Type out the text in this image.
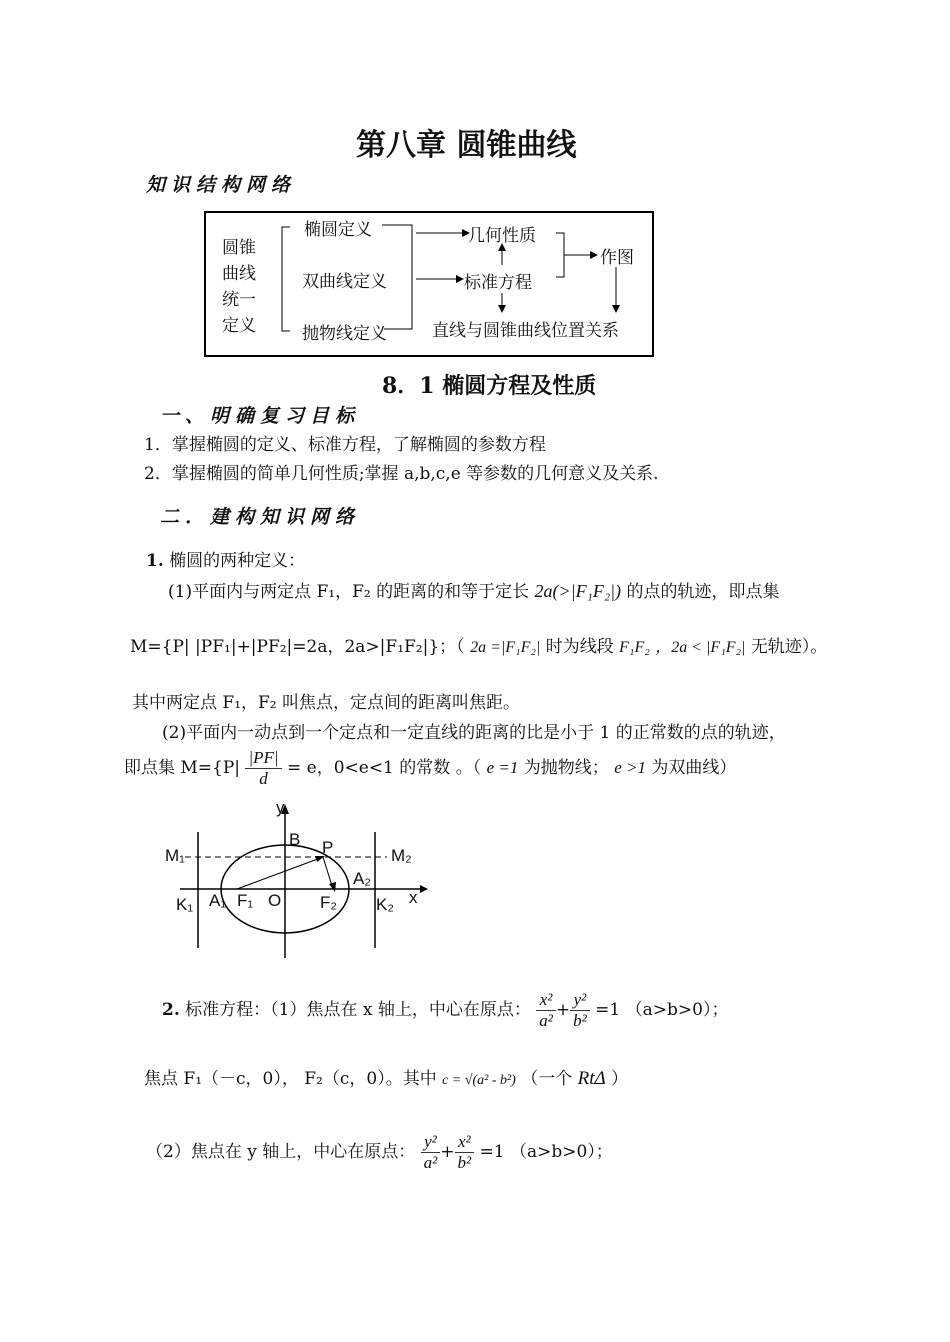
第八章 圆锥曲线
知识结构网络
圆锥
曲线
统一
定义
椭圆定义
双曲线定义
抛物线定义
几何性质
标准方程
作图
直线与圆锥曲线位置关系
8．1 椭圆方程及性质
一、明确复习目标
1．掌握椭圆的定义、标准方程，了解椭圆的参数方程
2．掌握椭圆的简单几何性质;掌握 a,b,c,e 等参数的几何意义及关系.
二．建构知识网络
1. 椭圆的两种定义：
(1)平面内与两定点 F₁，F₂ 的距离的和等于定长 2a(>|F₁F₂|) 的点的轨迹，即点集
M={P| |PF₁|+|PF₂|=2a，2a>|F₁F₂|}；（ 2a =|F₁F₂| 时为线段 F₁F₂ ，2a < |F₁F₂| 无轨迹）。
其中两定点 F₁，F₂ 叫焦点，定点间的距离叫焦距。
(2)平面内一动点到一个定点和一定直线的距离的比是小于 1 的正常数的点的轨迹，
即点集 $M=\{P| \frac{|PF|}{d} = e$，0<e<1 的常数 。（ e =1 为抛物线； e >1 为双曲线）
y
B P
M₁	M₂
A₂
x
K₁ A₁ F₁ O F₂ K₂
2. 标准方程：（1）焦点在 x 轴上，中心在原点： $\frac{\text{x²}}{\text{a²}} + \frac{\text{y²}}{\text{b²}} =1$ （a>b>0）；
焦点 F₁（－c，0）， F₂（c，0）。其中 c = √(a² - b²) （一个 RtΔ ）
（2）焦点在 y 轴上，中心在原点： $\frac{\text{y²}}{\text{a²}} + \frac{\text{x²}}{\text{b²}} =1$ （a>b>0）；
